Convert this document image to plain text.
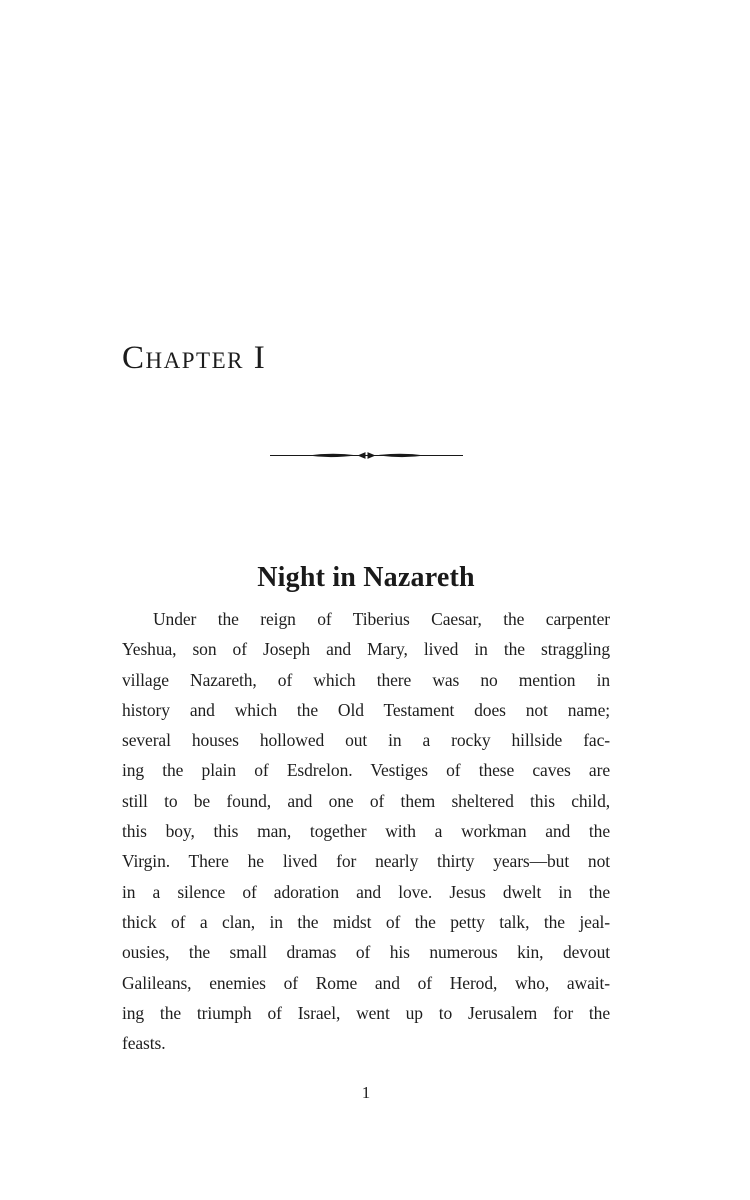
Chapter I
Night in Nazareth
Under the reign of Tiberius Caesar, the carpenter
Yeshua, son of Joseph and Mary, lived in the straggling
village Nazareth, of which there was no mention in
history and which the Old Testament does not name;
several houses hollowed out in a rocky hillside fac-
ing the plain of Esdrelon. Vestiges of these caves are
still to be found, and one of them sheltered this child,
this boy, this man, together with a workman and the
Virgin. There he lived for nearly thirty years—but not
in a silence of adoration and love. Jesus dwelt in the
thick of a clan, in the midst of the petty talk, the jeal-
ousies, the small dramas of his numerous kin, devout
Galileans, enemies of Rome and of Herod, who, await-
ing the triumph of Israel, went up to Jerusalem for the
feasts.
1
